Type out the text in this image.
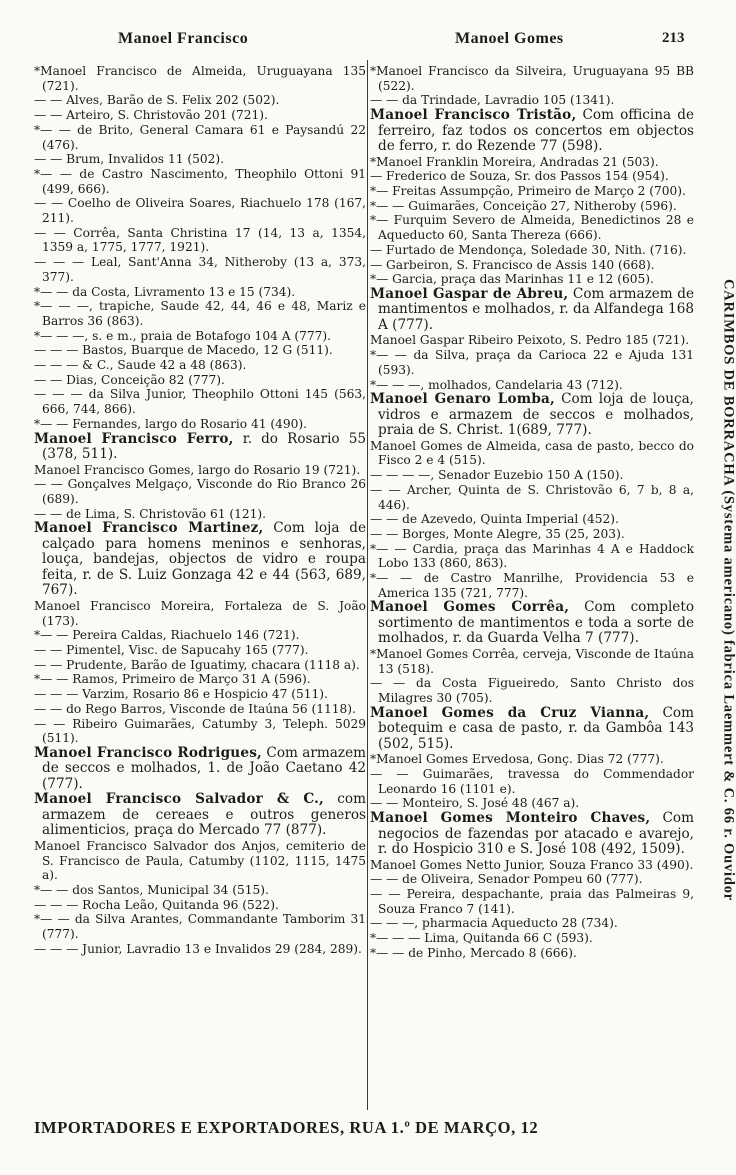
Manoel Francisco	Manoel Gomes	213

*Manoel Francisco de Almeida, Uruguayana 135 (721).

— — Alves, Barão de S. Felix 202 (502).

— — Arteiro, S. Christovão 201 (721).

*— — de Brito, General Camara 61 e Paysandú 22 (476).

— — Brum, Invalidos 11 (502).

*— — de Castro Nascimento, Theophilo Ottoni 91 (499, 666).

— — Coelho de Oliveira Soares, Riachuelo 178 (167, 211).

— — Corrêa, Santa Christina 17 (14, 13 a, 1354, 1359 a, 1775, 1777, 1921).

— — — Leal, Sant'Anna 34, Nitheroby (13 a, 373, 377).

*— — da Costa, Livramento 13 e 15 (734).

*— — —, trapiche, Saude 42, 44, 46 e 48, Mariz e Barros 36 (863).

*— — —, s. e m., praia de Botafogo 104 A (777).

— — — Bastos, Buarque de Macedo, 12 G (511).

— — — & C., Saude 42 a 48 (863).

— — Dias, Conceição 82 (777).

— — — da Silva Junior, Theophilo Ottoni 145 (563, 666, 744, 866).

*— — Fernandes, largo do Rosario 41 (490).

Manoel Francisco Ferro, r. do Rosario 55 (378, 511).

Manoel Francisco Gomes, largo do Rosario 19 (721).

— — Gonçalves Melgaço, Visconde do Rio Branco 26 (689).

— — de Lima, S. Christovão 61 (121).

Manoel Francisco Martinez, Com loja de calçado para homens meninos e senhoras, louça, bandejas, objectos de vidro e roupa feita, r. de S. Luiz Gonzaga 42 e 44 (563, 689, 767).

Manoel Francisco Moreira, Fortaleza de S. João (173).

*— — Pereira Caldas, Riachuelo 146 (721).

— — Pimentel, Visc. de Sapucahy 165 (777).

— — Prudente, Barão de Iguatimy, chacara (1118 a).

*— — Ramos, Primeiro de Março 31 A (596).

— — — Varzim, Rosario 86 e Hospicio 47 (511).

— — do Rego Barros, Visconde de Itaúna 56 (1118).

— — Ribeiro Guimarães, Catumby 3, Teleph. 5029 (511).

Manoel Francisco Rodrigues, Com armazem de seccos e molhados, 1. de João Caetano 42 (777).

Manoel Francisco Salvador & C., com armazem de cereaes e outros generos alimenticios, praça do Mercado 77 (877).

Manoel Francisco Salvador dos Anjos, cemiterio de S. Francisco de Paula, Catumby (1102, 1115, 1475 a).

*— — dos Santos, Municipal 34 (515).

— — — Rocha Leão, Quitanda 96 (522).

*— — da Silva Arantes, Commandante Tamborim 31 (777).

— — — Junior, Lavradio 13 e Invalidos 29 (284, 289).

*Manoel Francisco da Silveira, Uruguayana 95 BB (522).

— — da Trindade, Lavradio 105 (1341).

Manoel Francisco Tristão, Com officina de ferreiro, faz todos os concertos em objectos de ferro, r. do Rezende 77 (598).

*Manoel Franklin Moreira, Andradas 21 (503).

— Frederico de Souza, Sr. dos Passos 154 (954).

*— Freitas Assumpção, Primeiro de Março 2 (700).

*— — Guimarães, Conceição 27, Nitheroby (596).

*— Furquim Severo de Almeida, Benedictinos 28 e Aqueducto 60, Santa Thereza (666).

— Furtado de Mendonça, Soledade 30, Nith. (716).

— Garbeiron, S. Francisco de Assis 140 (668).

*— Garcia, praça das Marinhas 11 e 12 (605).

Manoel Gaspar de Abreu, Com armazem de mantimentos e molhados, r. da Alfandega 168 A (777).

Manoel Gaspar Ribeiro Peixoto, S. Pedro 185 (721).

*— — da Silva, praça da Carioca 22 e Ajuda 131 (593).

*— — —, molhados, Candelaria 43 (712).

Manoel Genaro Lomba, Com loja de louça, vidros e armazem de seccos e molhados, praia de S. Christ. 1(689, 777).

Manoel Gomes de Almeida, casa de pasto, becco do Fisco 2 e 4 (515).

— — — —, Senador Euzebio 150 A (150).

— — Archer, Quinta de S. Christovão 6, 7 b, 8 a, 446).

— — de Azevedo, Quinta Imperial (452).

— — Borges, Monte Alegre, 35 (25, 203).

*— — Cardia, praça das Marinhas 4 A e Haddock Lobo 133 (860, 863).

*— — de Castro Manrilhe, Providencia 53 e America 135 (721, 777).

Manoel Gomes Corrêa, Com completo sortimento de mantimentos e toda a sorte de molhados, r. da Guarda Velha 7 (777).

*Manoel Gomes Corrêa, cerveja, Visconde de Itaúna 13 (518).

— — da Costa Figueiredo, Santo Christo dos Milagres 30 (705).

Manoel Gomes da Cruz Vianna, Com botequim e casa de pasto, r. da Gambôa 143 (502, 515).

*Manoel Gomes Ervedosa, Gonç. Dias 72 (777).

— — Guimarães, travessa do Commendador Leonardo 16 (1101 e).

— — Monteiro, S. José 48 (467 a).

Manoel Gomes Monteiro Chaves, Com negocios de fazendas por atacado e avarejo, r. do Hospicio 310 e S. José 108 (492, 1509).

Manoel Gomes Netto Junior, Souza Franco 33 (490).

— — de Oliveira, Senador Pompeu 60 (777).

— — Pereira, despachante, praia das Palmeiras 9, Souza Franco 7 (141).

— — —, pharmacia Aqueducto 28 (734).

*— — — Lima, Quitanda 66 C (593).

*— — de Pinho, Mercado 8 (666).

CARIMBOS DE BORRACHA (Systema americano) fabrica Laemmert & C. 66 r. Ouvidor
IMPORTADORES E EXPORTADORES, RUA 1.º DE MARÇO, 12
